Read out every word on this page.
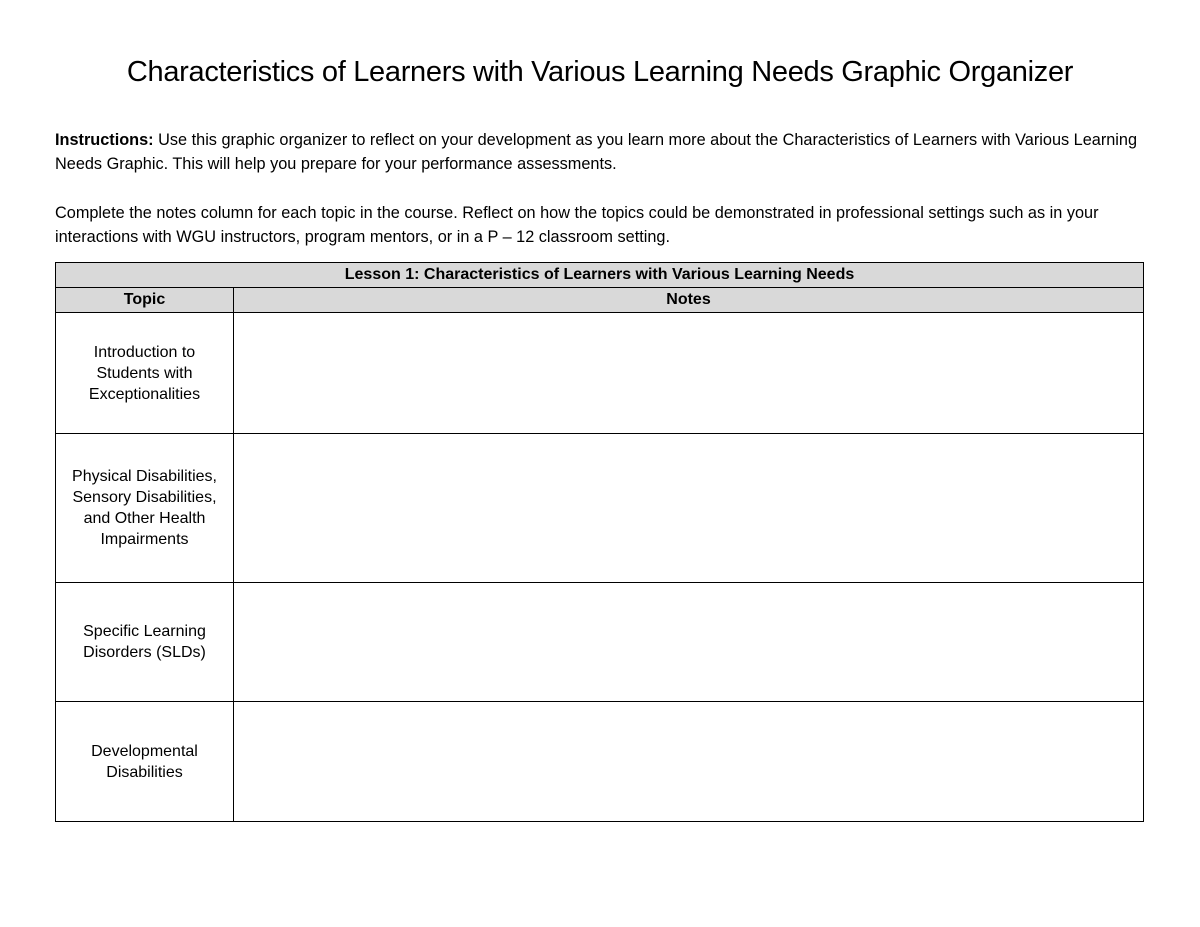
Characteristics of Learners with Various Learning Needs Graphic Organizer

Instructions: Use this graphic organizer to reflect on your development as you learn more about the Characteristics of Learners with Various Learning Needs Graphic. This will help you prepare for your performance assessments.

Complete the notes column for each topic in the course. Reflect on how the topics could be demonstrated in professional settings such as in your interactions with WGU instructors, program mentors, or in a P – 12 classroom setting.

Lesson 1: Characteristics of Learners with Various Learning Needs	
Topic	Notes
Introduction to Students with Exceptionalities	
Physical Disabilities, Sensory Disabilities, and Other Health Impairments	
Specific Learning Disorders (SLDs)	
Developmental Disabilities	
